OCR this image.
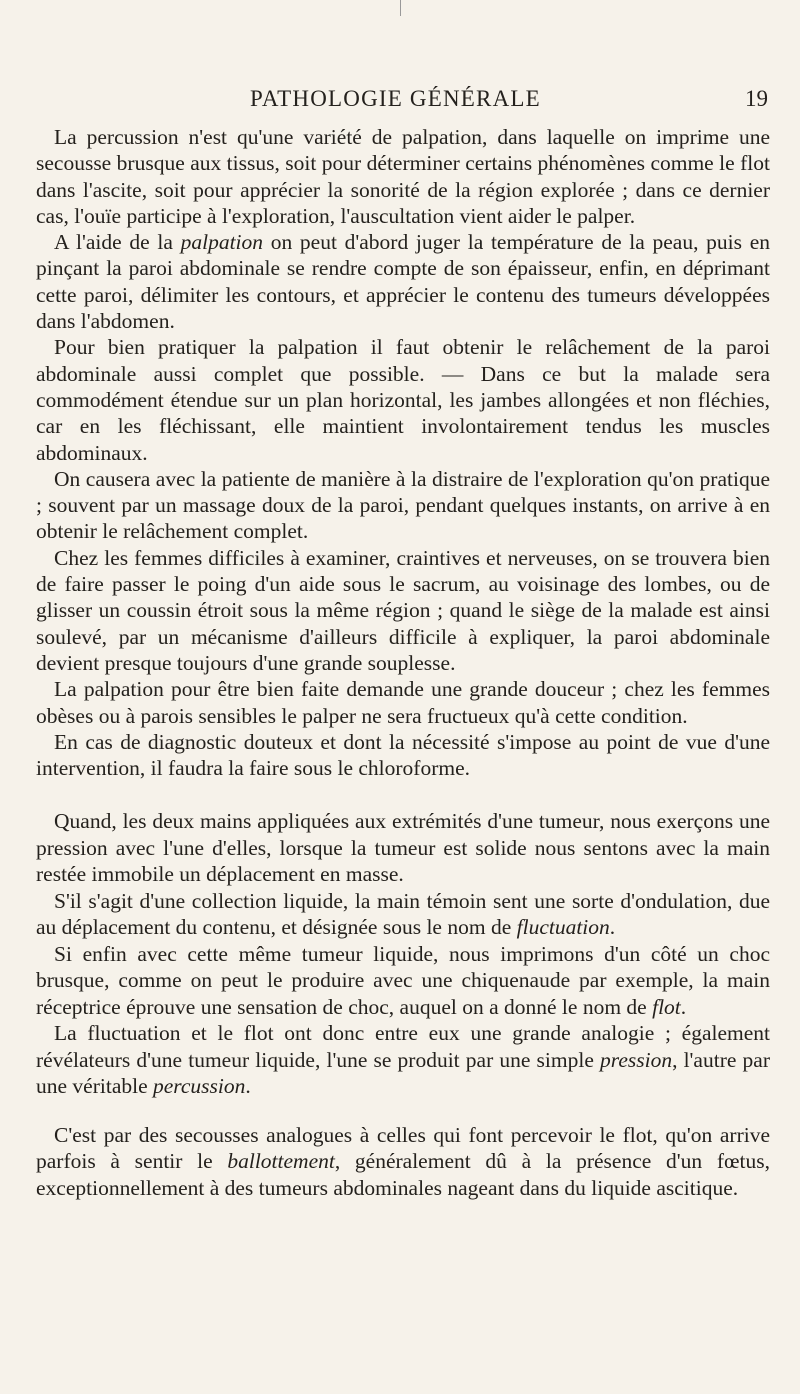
PATHOLOGIE GÉNÉRALE	19

La percussion n'est qu'une variété de palpation, dans laquelle on imprime une secousse brusque aux tissus, soit pour déterminer certains phénomènes comme le flot dans l'ascite, soit pour apprécier la sonorité de la région explorée ; dans ce dernier cas, l'ouïe participe à l'exploration, l'auscultation vient aider le palper.

A l'aide de la palpation on peut d'abord juger la température de la peau, puis en pinçant la paroi abdominale se rendre compte de son épaisseur, enfin, en déprimant cette paroi, délimiter les contours, et apprécier le contenu des tumeurs développées dans l'abdomen.

Pour bien pratiquer la palpation il faut obtenir le relâchement de la paroi abdominale aussi complet que possible. — Dans ce but la malade sera commodément étendue sur un plan horizontal, les jambes allongées et non fléchies, car en les fléchissant, elle maintient involontairement tendus les muscles abdominaux.

On causera avec la patiente de manière à la distraire de l'exploration qu'on pratique ; souvent par un massage doux de la paroi, pendant quelques instants, on arrive à en obtenir le relâchement complet.

Chez les femmes difficiles à examiner, craintives et nerveuses, on se trouvera bien de faire passer le poing d'un aide sous le sacrum, au voisinage des lombes, ou de glisser un coussin étroit sous la même région ; quand le siège de la malade est ainsi soulevé, par un mécanisme d'ailleurs difficile à expliquer, la paroi abdominale devient presque toujours d'une grande souplesse.

La palpation pour être bien faite demande une grande douceur ; chez les femmes obèses ou à parois sensibles le palper ne sera fructueux qu'à cette condition.

En cas de diagnostic douteux et dont la nécessité s'impose au point de vue d'une intervention, il faudra la faire sous le chloroforme.

Quand, les deux mains appliquées aux extrémités d'une tumeur, nous exerçons une pression avec l'une d'elles, lorsque la tumeur est solide nous sentons avec la main restée immobile un déplacement en masse.

S'il s'agit d'une collection liquide, la main témoin sent une sorte d'ondulation, due au déplacement du contenu, et désignée sous le nom de fluctuation.

Si enfin avec cette même tumeur liquide, nous imprimons d'un côté un choc brusque, comme on peut le produire avec une chiquenaude par exemple, la main réceptrice éprouve une sensation de choc, auquel on a donné le nom de flot.

La fluctuation et le flot ont donc entre eux une grande analogie ; également révélateurs d'une tumeur liquide, l'une se produit par une simple pression, l'autre par une véritable percussion.

C'est par des secousses analogues à celles qui font percevoir le flot, qu'on arrive parfois à sentir le ballottement, généralement dû à la présence d'un fœtus, exceptionnellement à des tumeurs abdominales nageant dans du liquide ascitique.
